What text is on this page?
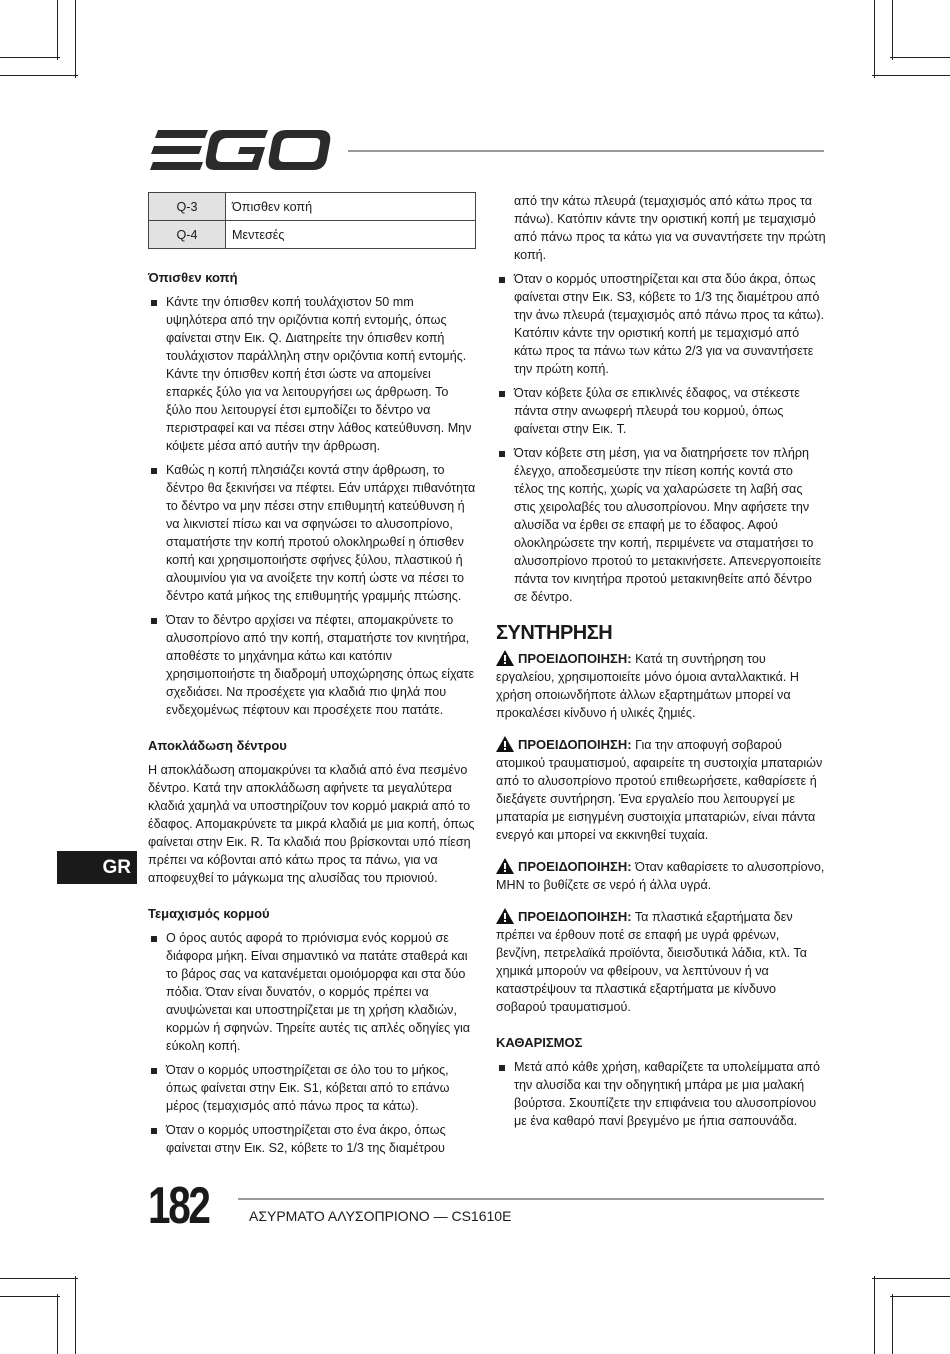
GR
Q-3	Όπισθεν κοπή
Q-4	Μεντεσές
Όπισθεν κοπή
Κάντε την όπισθεν κοπή τουλάχιστον 50 mm υψηλότερα από την οριζόντια κοπή εντομής, όπως φαίνεται στην Εικ. Q. Διατηρείτε την όπισθεν κοπή τουλάχιστον παράλληλη στην οριζόντια κοπή εντομής. Κάντε την όπισθεν κοπή έτσι ώστε να απομείνει επαρκές ξύλο για να λειτουργήσει ως άρθρωση. Το ξύλο που λειτουργεί έτσι εμποδίζει το δέντρο να περιστραφεί και να πέσει στην λάθος κατεύθυνση. Μην κόψετε μέσα από αυτήν την άρθρωση.
Καθώς η κοπή πλησιάζει κοντά στην άρθρωση, το δέντρο θα ξεκινήσει να πέφτει. Εάν υπάρχει πιθανότητα το δέντρο να μην πέσει στην επιθυμητή κατεύθυνση ή να λικνιστεί πίσω και να σφηνώσει το αλυσοπρίονο, σταματήστε την κοπή προτού ολοκληρωθεί η όπισθεν κοπή και χρησιμοποιήστε σφήνες ξύλου, πλαστικού ή αλουμινίου για να ανοίξετε την κοπή ώστε να πέσει το δέντρο κατά μήκος της επιθυμητής γραμμής πτώσης.
Όταν το δέντρο αρχίσει να πέφτει, απομακρύνετε το αλυσοπρίονο από την κοπή, σταματήστε τον κινητήρα, αποθέστε το μηχάνημα κάτω και κατόπιν χρησιμοποιήστε τη διαδρομή υποχώρησης όπως είχατε σχεδιάσει. Να προσέχετε για κλαδιά πιο ψηλά που ενδεχομένως πέφτουν και προσέχετε που πατάτε.
Αποκλάδωση δέντρου

Η αποκλάδωση απομακρύνει τα κλαδιά από ένα πεσμένο δέντρο. Κατά την αποκλάδωση αφήνετε τα μεγαλύτερα κλαδιά χαμηλά να υποστηρίζουν τον κορμό μακριά από το έδαφος. Απομακρύνετε τα μικρά κλαδιά με μια κοπή, όπως φαίνεται στην Εικ. R. Τα κλαδιά που βρίσκονται υπό πίεση πρέπει να κόβονται από κάτω προς τα πάνω, για να αποφευχθεί το μάγκωμα της αλυσίδας του πριονιού.

Τεμαχισμός κορμού
Ο όρος αυτός αφορά το πριόνισμα ενός κορμού σε διάφορα μήκη. Είναι σημαντικό να πατάτε σταθερά και το βάρος σας να κατανέμεται ομοιόμορφα και στα δύο πόδια. Όταν είναι δυνατόν, ο κορμός πρέπει να ανυψώνεται και υποστηρίζεται με τη χρήση κλαδιών, κορμών ή σφηνών. Τηρείτε αυτές τις απλές οδηγίες για εύκολη κοπή.
Όταν ο κορμός υποστηρίζεται σε όλο του το μήκος, όπως φαίνεται στην Εικ. S1, κόβεται από το επάνω μέρος (τεμαχισμός από πάνω προς τα κάτω).
Όταν ο κορμός υποστηρίζεται στο ένα άκρο, όπως φαίνεται στην Εικ. S2, κόβετε το 1/3 της διαμέτρου

από την κάτω πλευρά (τεμαχισμός από κάτω προς τα πάνω). Κατόπιν κάντε την οριστική κοπή με τεμαχισμό από πάνω προς τα κάτω για να συναντήσετε την πρώτη κοπή.

Όταν ο κορμός υποστηρίζεται και στα δύο άκρα, όπως φαίνεται στην Εικ. S3, κόβετε το 1/3 της διαμέτρου από την άνω πλευρά (τεμαχισμός από πάνω προς τα κάτω). Κατόπιν κάντε την οριστική κοπή με τεμαχισμό από κάτω προς τα πάνω των κάτω 2/3 για να συναντήσετε την πρώτη κοπή.
Όταν κόβετε ξύλα σε επικλινές έδαφος, να στέκεστε πάντα στην ανωφερή πλευρά του κορμού, όπως φαίνεται στην Εικ. T.
Όταν κόβετε στη μέση, για να διατηρήσετε τον πλήρη έλεγχο, αποδεσμεύστε την πίεση κοπής κοντά στο τέλος της κοπής, χωρίς να χαλαρώσετε τη λαβή σας στις χειρολαβές του αλυσοπρίονου. Μην αφήσετε την αλυσίδα να έρθει σε επαφή με το έδαφος. Αφού ολοκληρώσετε την κοπή, περιμένετε να σταματήσει το αλυσοπρίονο προτού το μετακινήσετε. Απενεργοποιείτε πάντα τον κινητήρα προτού μετακινηθείτε από δέντρο σε δέντρο.
ΣΥΝΤΗΡΗΣΗ
ΠΡΟΕΙΔΟΠΟΙΗΣΗ: Κατά τη συντήρηση του εργαλείου, χρησιμοποιείτε μόνο όμοια ανταλλακτικά. Η χρήση οποιωνδήποτε άλλων εξαρτημάτων μπορεί να προκαλέσει κίνδυνο ή υλικές ζημιές.
ΠΡΟΕΙΔΟΠΟΙΗΣΗ: Για την αποφυγή σοβαρού ατομικού τραυματισμού, αφαιρείτε τη συστοιχία μπαταριών από το αλυσοπρίονο προτού επιθεωρήσετε, καθαρίσετε ή διεξάγετε συντήρηση. Ένα εργαλείο που λειτουργεί με μπαταρία με εισηγμένη συστοιχία μπαταριών, είναι πάντα ενεργό και μπορεί να εκκινηθεί τυχαία.
ΠΡΟΕΙΔΟΠΟΙΗΣΗ: Όταν καθαρίσετε το αλυσοπρίονο, ΜΗΝ το βυθίζετε σε νερό ή άλλα υγρά.
ΠΡΟΕΙΔΟΠΟΙΗΣΗ: Τα πλαστικά εξαρτήματα δεν πρέπει να έρθουν ποτέ σε επαφή με υγρά φρένων, βενζίνη, πετρελαϊκά προϊόντα, διεισδυτικά λάδια, κτλ. Τα χημικά μπορούν να φθείρουν, να λεπτύνουν ή να καταστρέψουν τα πλαστικά εξαρτήματα με κίνδυνο σοβαρού τραυματισμού.
ΚΑΘΑΡΙΣΜΟΣ
Μετά από κάθε χρήση, καθαρίζετε τα υπολείμματα από την αλυσίδα και την οδηγητική μπάρα με μια μαλακή βούρτσα. Σκουπίζετε την επιφάνεια του αλυσοπρίονου με ένα καθαρό πανί βρεγμένο με ήπια σαπουνάδα.
182	ΑΣΥΡΜΑΤΟ ΑΛΥΣΟΠΡΙΟΝΟ — CS1610E
